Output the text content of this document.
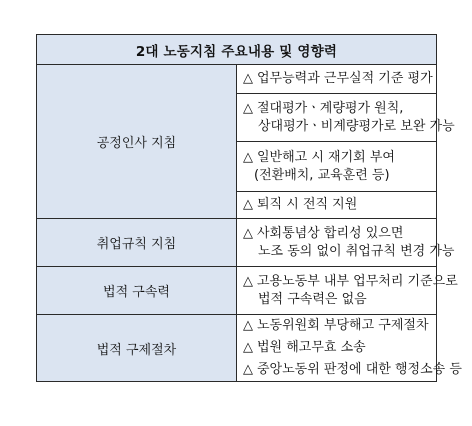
2대 노동지침 주요내용 및 영향력	
공정인사 지침	△ 업무능력과 근무실적 기준 평가

	△ 절대평가ㆍ계량평가 원칙,
상대평가ㆍ비계량평가로 보완 가능

	△ 일반해고 시 재기회 부여
(전환배치, 교육훈련 등)

	△ 퇴직 시 전직 지원

취업규칙 지침	△ 사회통념상 합리성 있으면
노조 동의 없이 취업규칙 변경 가능

법적 구속력	△ 고용노동부 내부 업무처리 기준으로
법적 구속력은 없음

법적 구제절차	△ 노동위원회 부당해고 구제절차

	△ 법원 해고무효 소송

	△ 중앙노동위 판정에 대한 행정소송 등
